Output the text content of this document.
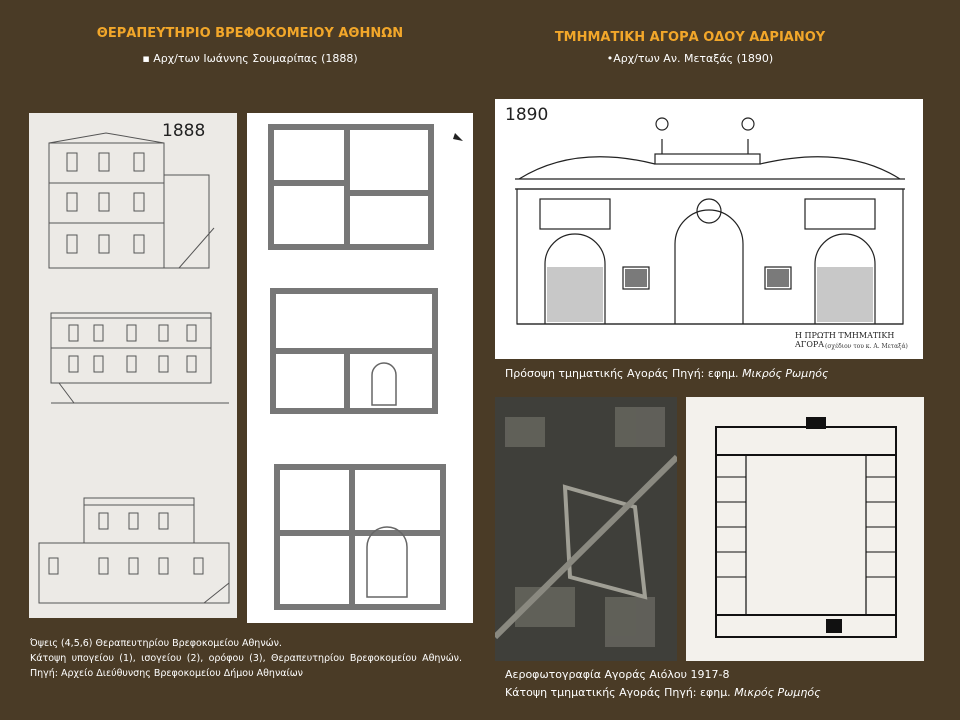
ΘΕΡΑΠΕΥΤΗΡΙΟ ΒΡΕΦΟΚΟΜΕΙΟΥ ΑΘΗΝΩΝ
▪ Αρχ/των Ιωάννης Σουμαρίπας (1888)
ΤΜΗΜΑΤΙΚΗ ΑΓΟΡΑ ΟΔΟΥ ΑΔΡΙΑΝΟΥ
•Αρχ/των Αν. Μεταξάς (1890)
1888
Όψεις (4,5,6) Θεραπευτηρίου Βρεφοκομείου Αθηνών.
Κάτοψη υπογείου (1), ισογείου (2), ορόφου (3), Θεραπευτηρίου Βρεφοκομείου Αθηνών. Πηγή: Αρχείο Διεύθυνσης Βρεφοκομείου Δήμου Αθηναίων
1890
Η ΠΡΩΤΗ ΤΜΗΜΑΤΙΚΗ ΑΓΟΡΑ (σχέδιον του κ. Α. Μεταξά)
Πρόσοψη τμηματικής Αγοράς Πηγή: εφημ. Μικρός Ρωμηός
Αεροφωτογραφία Αγοράς Αιόλου 1917-8
Κάτοψη τμηματικής Αγοράς Πηγή: εφημ. Μικρός Ρωμηός
